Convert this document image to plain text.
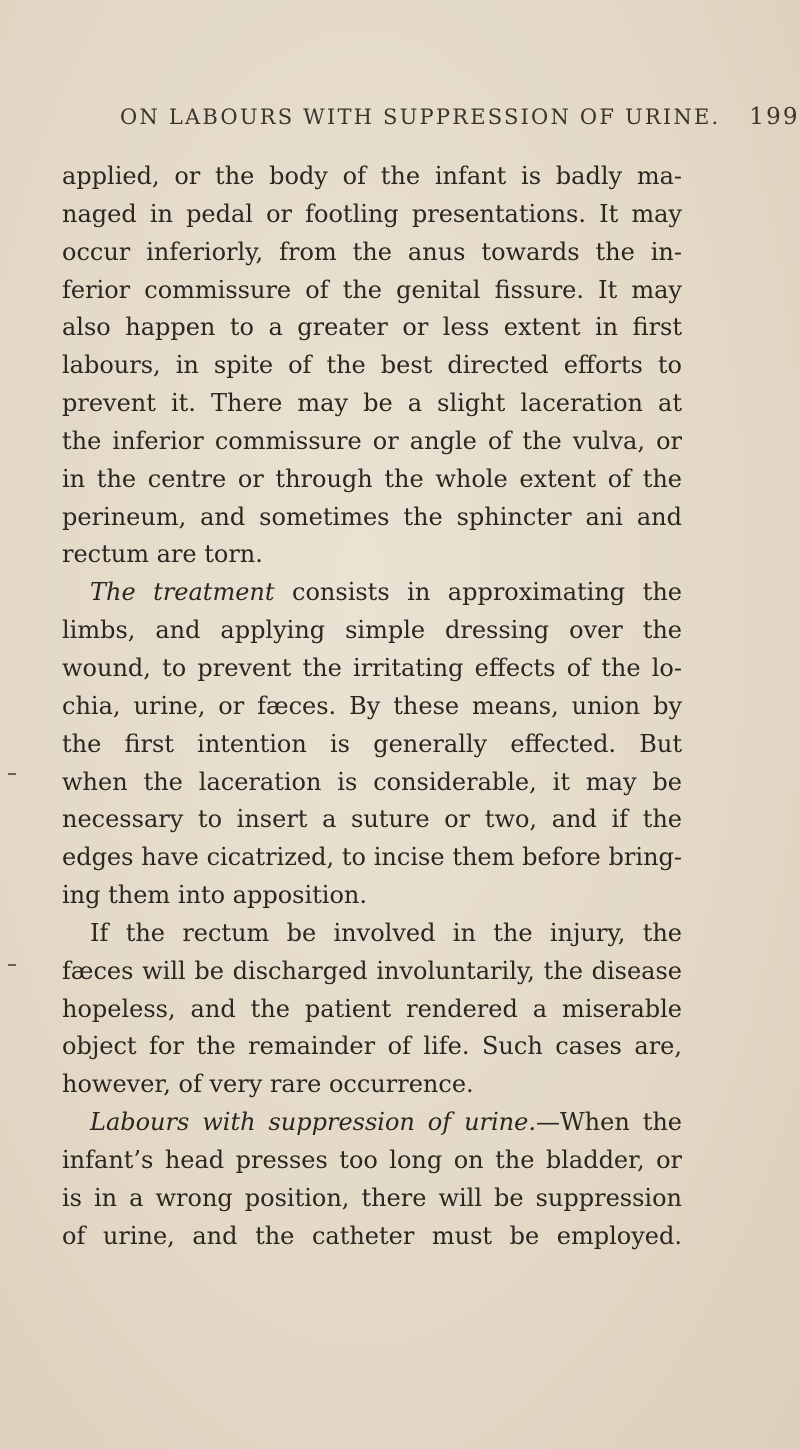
ON LABOURS WITH SUPPRESSION OF URINE. 199
applied, or the body of the infant is badly ma-
naged in pedal or footling presentations. It may
occur inferiorly, from the anus towards the in-
ferior commissure of the genital fissure. It may
also happen to a greater or less extent in first
labours, in spite of the best directed efforts to
prevent it. There may be a slight laceration at
the inferior commissure or angle of the vulva, or
in the centre or through the whole extent of the
perineum, and sometimes the sphincter ani and
rectum are torn.
The treatment consists in approximating the
limbs, and applying simple dressing over the
wound, to prevent the irritating effects of the lo-
chia, urine, or fæces. By these means, union by
the first intention is generally effected. But
when the laceration is considerable, it may be
necessary to insert a suture or two, and if the
edges have cicatrized, to incise them before bring-
ing them into apposition.
If the rectum be involved in the injury, the
fæces will be discharged involuntarily, the disease
hopeless, and the patient rendered a miserable
object for the remainder of life. Such cases are,
however, of very rare occurrence.
Labours with suppression of urine.—When the
infant’s head presses too long on the bladder, or
is in a wrong position, there will be suppression
of urine, and the catheter must be employed.
